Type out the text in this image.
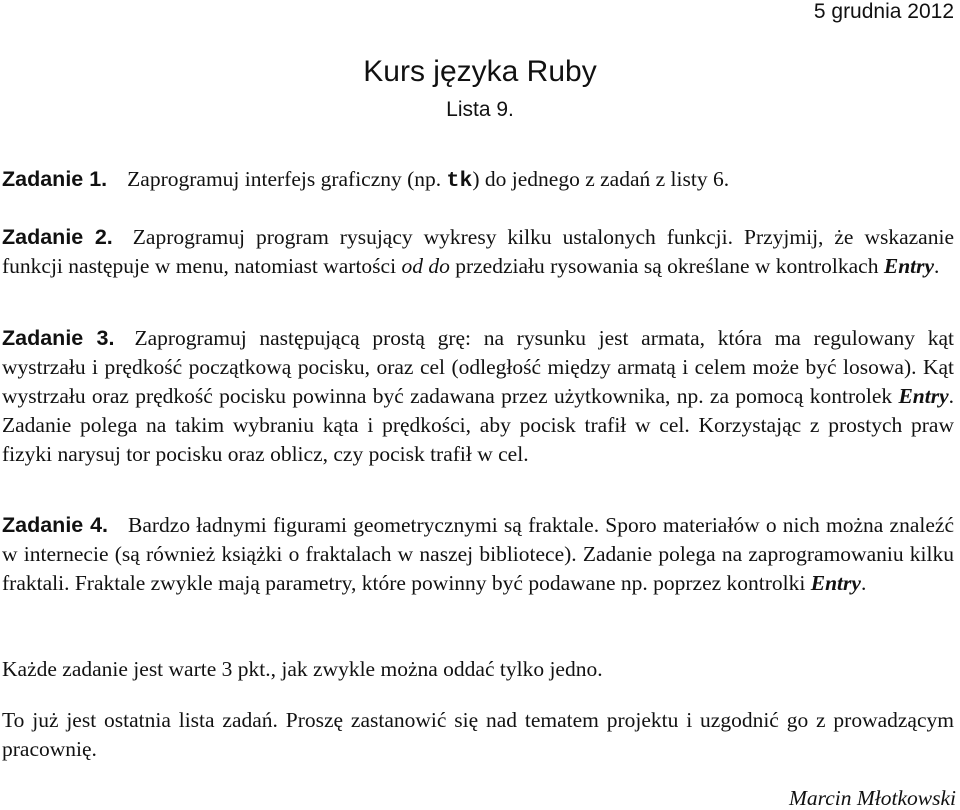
5 grudnia 2012
Kurs języka Ruby
Lista 9.

Zadanie 1. Zaprogramuj interfejs graficzny (np. tk) do jednego z zadań z listy 6.

Zadanie 2. Zaprogramuj program rysujący wykresy kilku ustalonych funkcji. Przyjmij, że wskazanie funkcji następuje w menu, natomiast wartości od do przedziału rysowania są określane w kontrolkach Entry.

Zadanie 3. Zaprogramuj następującą prostą grę: na rysunku jest armata, która ma regulowany kąt wystrzału i prędkość początkową pocisku, oraz cel (odległość między armatą i celem może być losowa). Kąt wystrzału oraz prędkość pocisku powinna być zadawana przez użytkownika, np. za pomocą kontrolek Entry. Zadanie polega na takim wybraniu kąta i prędkości, aby pocisk trafił w cel. Korzystając z prostych praw fizyki narysuj tor pocisku oraz oblicz, czy pocisk trafił w cel.

Zadanie 4. Bardzo ładnymi figurami geometrycznymi są fraktale. Sporo materiałów o nich można znaleźć w internecie (są również książki o fraktalach w naszej bibliotece). Zadanie polega na zaprogramowaniu kilku fraktali. Fraktale zwykle mają parametry, które powinny być podawane np. poprzez kontrolki Entry.

Każde zadanie jest warte 3 pkt., jak zwykle można oddać tylko jedno.

To już jest ostatnia lista zadań. Proszę zastanowić się nad tematem projektu i uzgodnić go z prowadzącym pracownię.

Marcin Młotkowski
